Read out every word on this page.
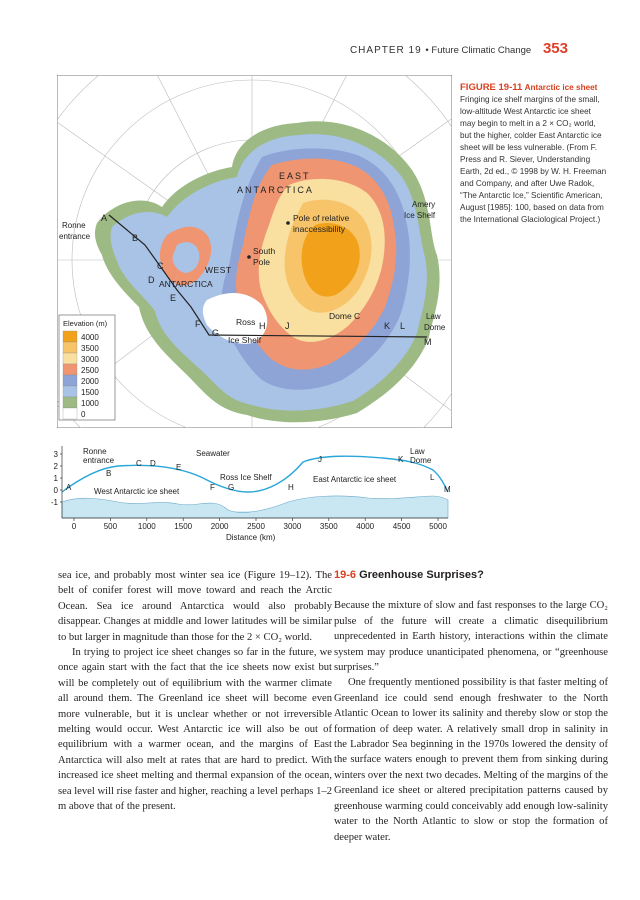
CHAPTER 19 • Future Climatic Change 353
EAST
ANTARCTICA
Pole of relative
inaccessibility
South
Pole
WEST
ANTARCTICA
Amery
Ice Shelf
Ronne
entrance
Ross
Ice Shelf
Dome C	Law
Dome
A
B
C
D
E
F
G
H J	K L
M
Elevation (m)
4000
3500
3000
2500
2000
1500
1000
0
FIGURE 19-11 Antarctic ice sheet Fringing ice shelf margins of the small, low-altitude West Antarctic ice sheet may begin to melt in a 2 × CO₂ world, but the higher, colder East Antarctic ice sheet will be less vulnerable. (From F. Press and R. Siever, Understanding Earth, 2d ed., © 1998 by W. H. Freeman and Company, and after Uwe Radok, “The Antarctic Ice,” Scientific American, August [1985]: 100, based on data from the International Glaciological Project.)
Distance (km)
Ronne
entrance
Seawater	Law
Dome
Ross Ice Shelf
West Antarctic ice sheet
East Antarctic ice sheet
3
2
1
0
-1
0	500	1000 1500 2000 2500 3000 3500 4000 4500 5000
A
B
C D	E
F G	H
J	K
L
M

sea ice, and probably most winter sea ice (Figure 19–12). The belt of conifer forest will move toward and reach the Arctic Ocean. Sea ice around Antarctica would also probably disappear. Changes at middle and lower latitudes will be similar to but larger in magnitude than those for the 2 × CO₂ world.

In trying to project ice sheet changes so far in the future, we once again start with the fact that the ice sheets now exist but will be completely out of equilibrium with the warmer climate all around them. The Greenland ice sheet will become even more vulnerable, but it is unclear whether or not irreversible melting would occur. West Antarctic ice will also be out of equilibrium with a warmer ocean, and the margins of East Antarctica will also melt at rates that are hard to predict. With increased ice sheet melting and thermal expansion of the ocean, sea level will rise faster and higher, reaching a level perhaps 1–2 m above that of the present.

19-6 Greenhouse Surprises?

Because the mixture of slow and fast responses to the large CO₂ pulse of the future will create a climatic disequilibrium unprecedented in Earth history, interactions within the climate system may produce unanticipated phenomena, or “greenhouse surprises.”

One frequently mentioned possibility is that faster melting of Greenland ice could send enough freshwater to the North Atlantic Ocean to lower its salinity and thereby slow or stop the formation of deep water. A relatively small drop in salinity in the Labrador Sea beginning in the 1970s lowered the density of the surface waters enough to prevent them from sinking during winters over the next two decades. Melting of the margins of the Greenland ice sheet or altered precipitation patterns caused by greenhouse warming could conceivably add enough low-salinity water to the North Atlantic to slow or stop the formation of deeper water.
